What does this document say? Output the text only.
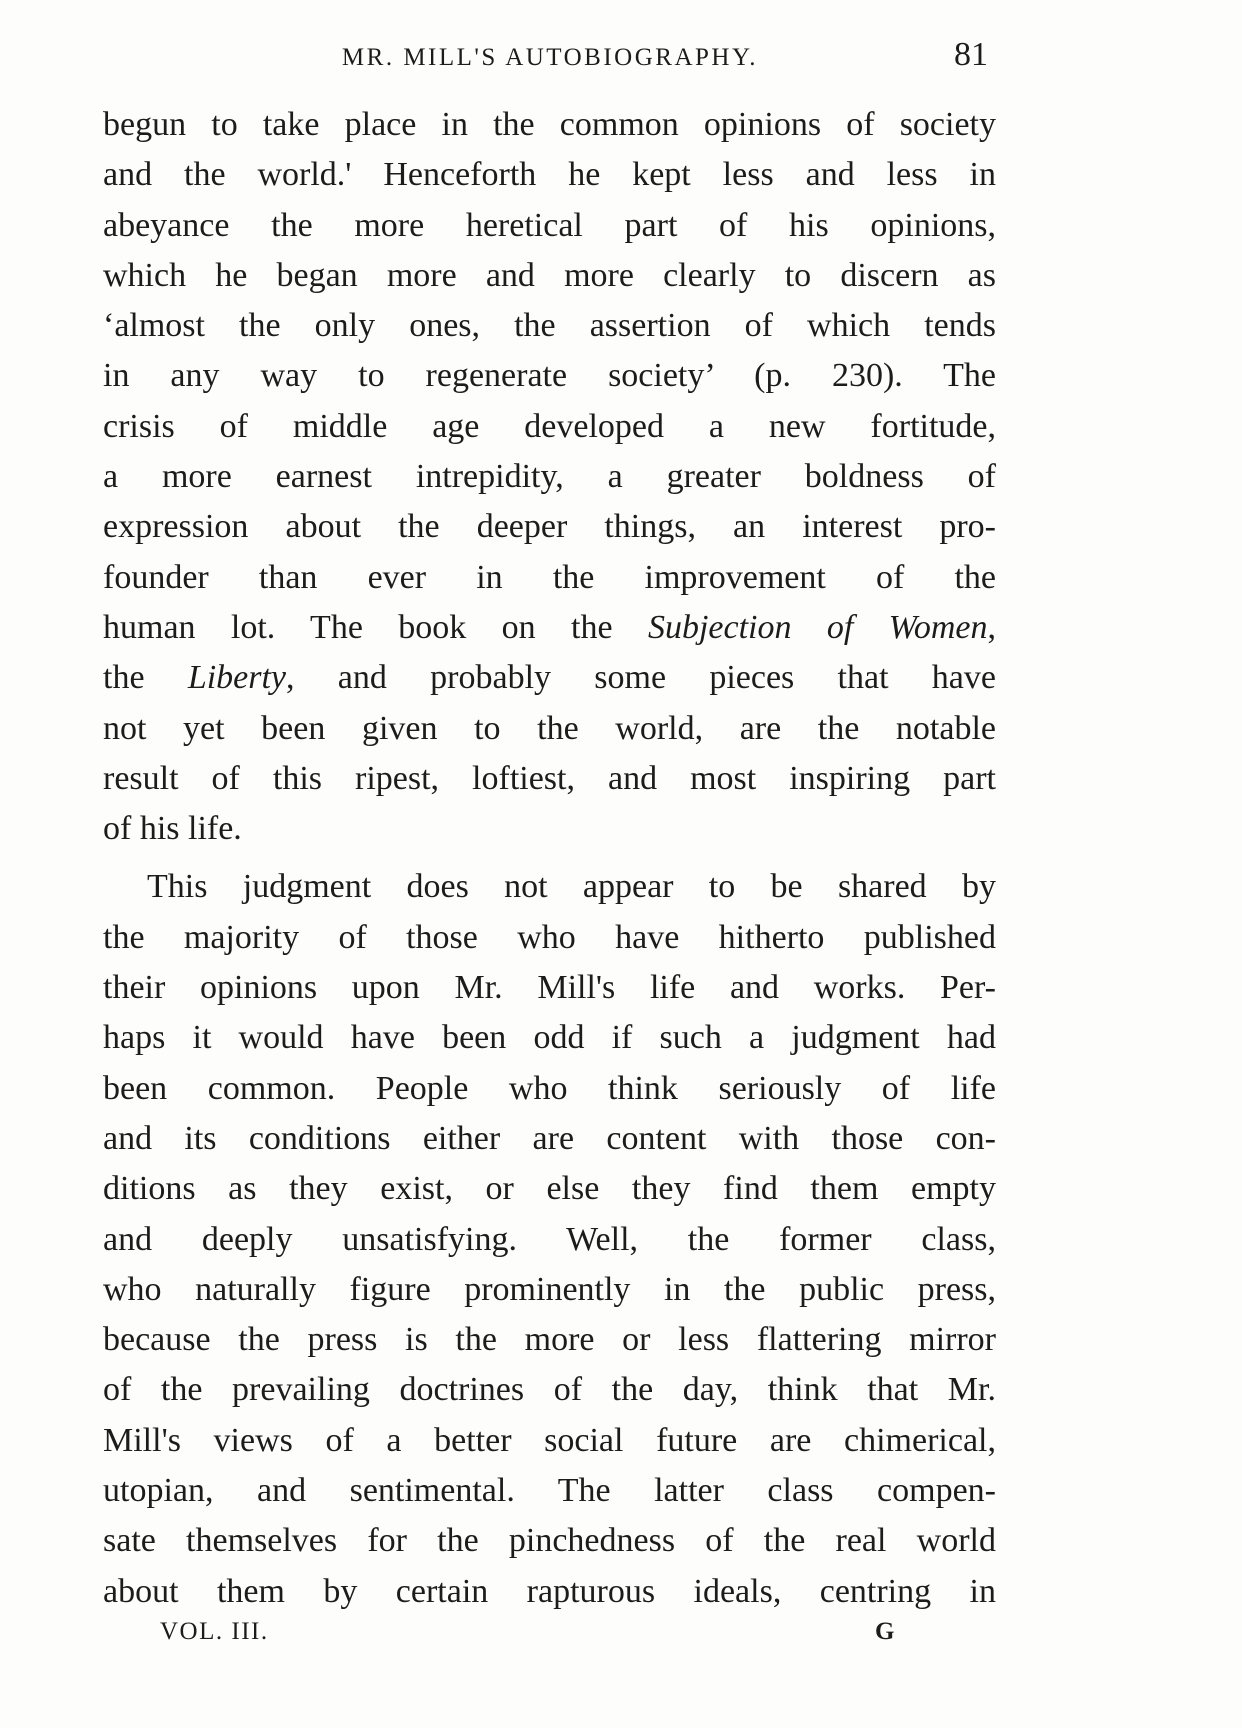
MR. MILL'S AUTOBIOGRAPHY.	81
begun to take place in the common opinions of society
and the world.' Henceforth he kept less and less in
abeyance the more heretical part of his opinions,
which he began more and more clearly to discern as
‘almost the only ones, the assertion of which tends
in any way to regenerate society’ (p. 230). The
crisis of middle age developed a new fortitude,
a more earnest intrepidity, a greater boldness of
expression about the deeper things, an interest pro-
founder than ever in the improvement of the
human lot. The book on the Subjection of Women,
the Liberty, and probably some pieces that have
not yet been given to the world, are the notable
result of this ripest, loftiest, and most inspiring part
of his life.
This judgment does not appear to be shared by
the majority of those who have hitherto published
their opinions upon Mr. Mill's life and works. Per-
haps it would have been odd if such a judgment had
been common. People who think seriously of life
and its conditions either are content with those con-
ditions as they exist, or else they find them empty
and deeply unsatisfying. Well, the former class,
who naturally figure prominently in the public press,
because the press is the more or less flattering mirror
of the prevailing doctrines of the day, think that Mr.
Mill's views of a better social future are chimerical,
utopian, and sentimental. The latter class compen-
sate themselves for the pinchedness of the real world
about them by certain rapturous ideals, centring in
VOL. III.	G
